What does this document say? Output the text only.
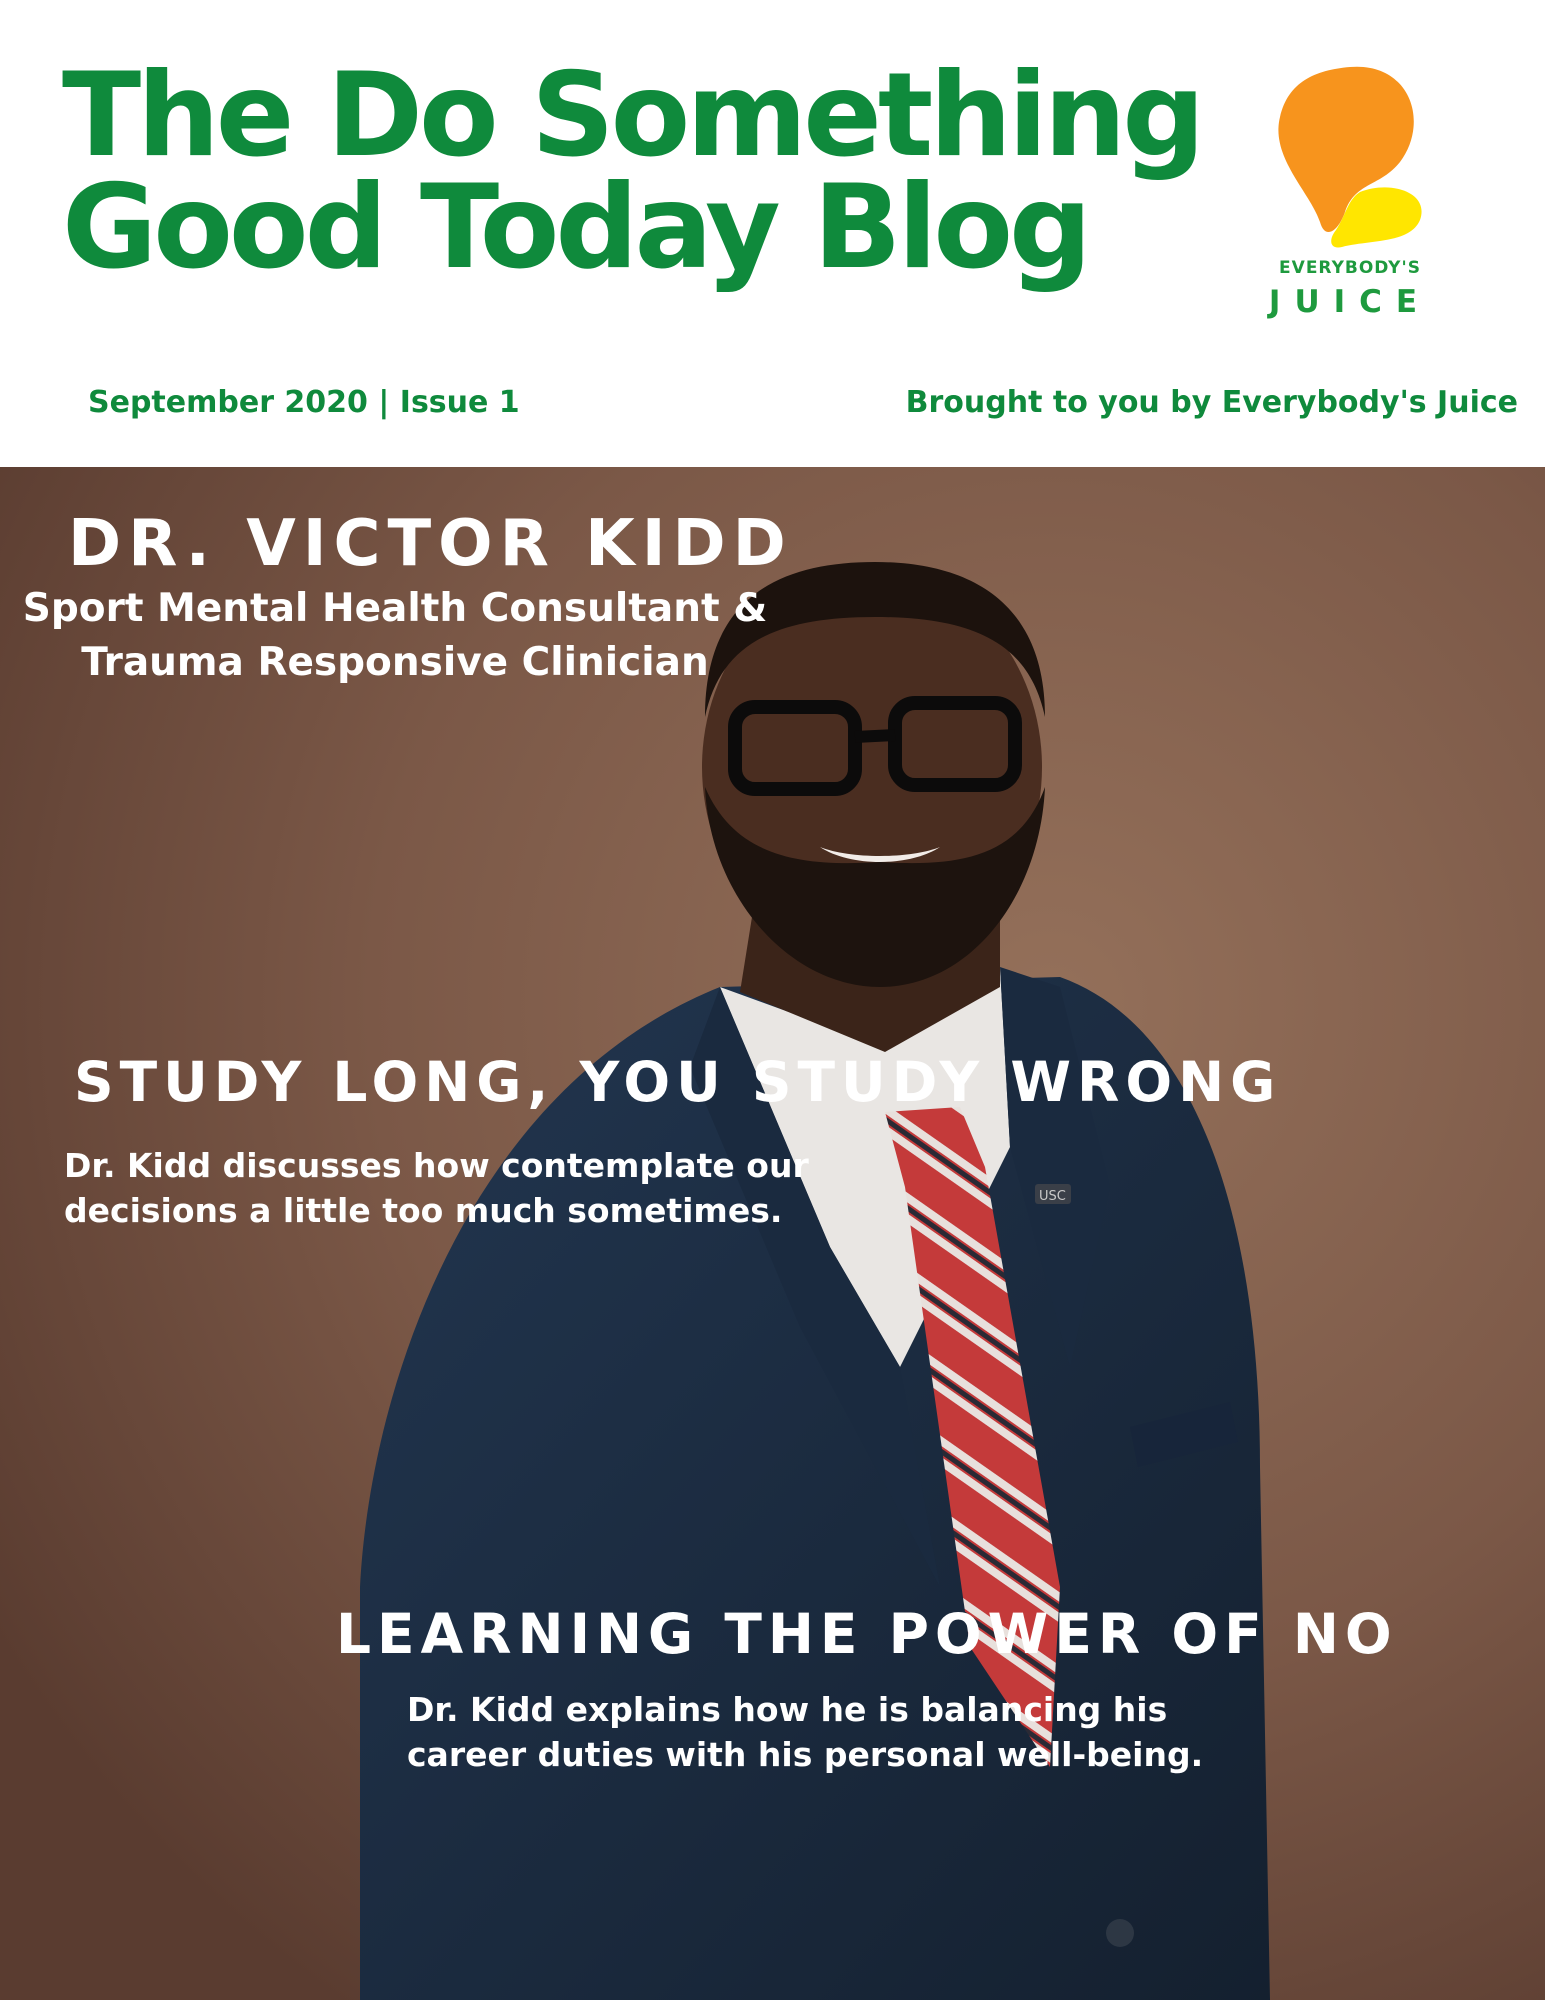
The Do Something
Good Today Blog	EVERYBODY'S
JUICE

September 2020 | Issue 1	Brought to you by Everybody's Juice

USC
DR. VICTOR KIDD
Sport Mental Health Consultant &
Trauma Responsive Clinician
STUDY LONG, YOU STUDY WRONG
Dr. Kidd discusses how contemplate our
decisions a little too much sometimes.
LEARNING THE POWER OF NO
Dr. Kidd explains how he is balancing his
career duties with his personal well-being.
